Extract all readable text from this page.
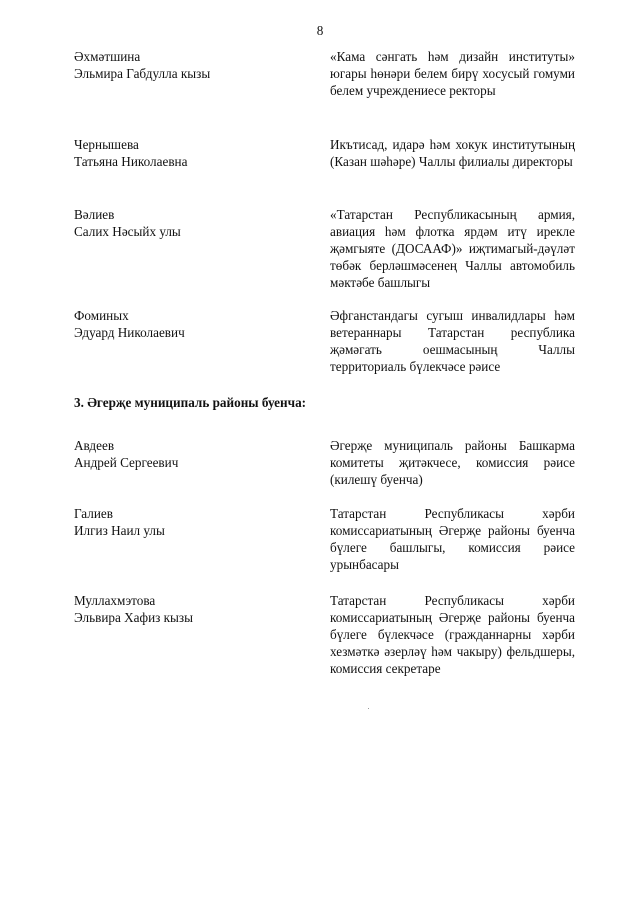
8
Әхмәтшина
Эльмира Габдулла кызы
«Кама сәнгать һәм дизайн институты» югары һөнәри белем бирү хосусый гомуми белем учреждениесе ректоры
Чернышева
Татьяна Николаевна
Икътисад, идарә һәм хокук институтының (Казан шәһәре) Чаллы филиалы директоры
Вәлиев
Салих Нәсыйх улы
«Татарстан Республикасының армия, авиация һәм флотка ярдәм итү ирекле җәмгыяте (ДОСААФ)» иҗтимагый-дәүләт төбәк берләшмәсенең Чаллы автомобиль мәктәбе башлыгы
Фоминых
Эдуард Николаевич
Әфганстандагы сугыш инвалидлары һәм ветераннары Татарстан республика җәмәгать оешмасының Чаллы территориаль бүлекчәсе рәисе
3. Әгерҗе муниципаль районы буенча:
Авдеев
Андрей Сергеевич
Әгерҗе муниципаль районы Башкарма комитеты җитәкчесе, комиссия рәисе (килешү буенча)
Галиев
Илгиз Наил улы
Татарстан Республикасы хәрби комиссариатының Әгерҗе районы буенча бүлеге башлыгы, комиссия рәисе урынбасары
Муллахмэтова
Эльвира Хафиз кызы
Татарстан Республикасы хәрби комиссариатының Әгерҗе районы буенча бүлеге бүлекчәсе (гражданнарны хәрби хезмәткә әзерләү һәм чакыру) фельдшеры, комиссия секретаре
